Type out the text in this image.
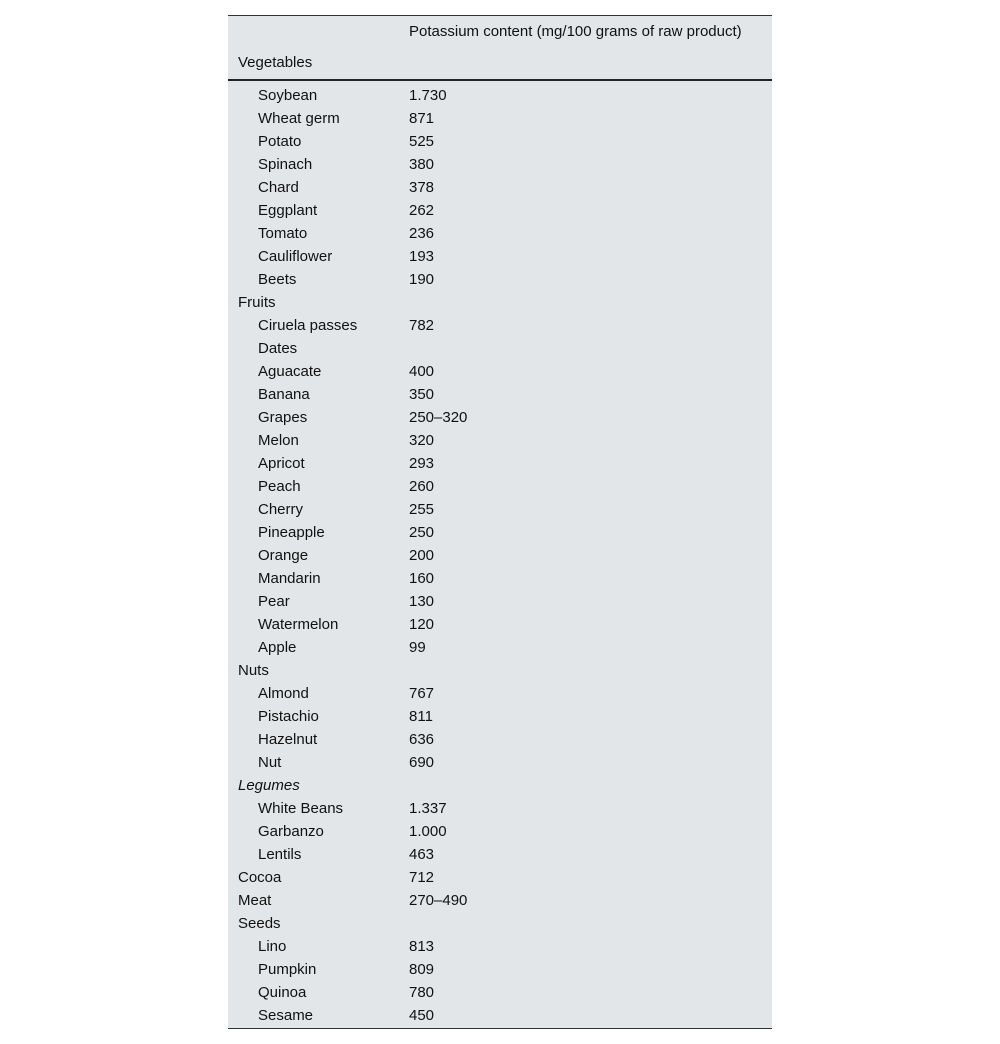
Potassium content (mg/100 grams of raw product)
Vegetables
Soybean	1.730
Wheat germ	871
Potato	525
Spinach	380
Chard	378
Eggplant	262
Tomato	236
Cauliflower	193
Beets	190
Fruits
Ciruela passes	782
Dates
Aguacate	400
Banana	350
Grapes	250–320
Melon	320
Apricot	293
Peach	260
Cherry	255
Pineapple	250
Orange	200
Mandarin	160
Pear	130
Watermelon	120
Apple	99
Nuts
Almond	767
Pistachio	811
Hazelnut	636
Nut	690
Legumes
White Beans	1.337
Garbanzo	1.000
Lentils	463
Cocoa	712
Meat	270–490
Seeds
Lino	813
Pumpkin	809
Quinoa	780
Sesame	450
